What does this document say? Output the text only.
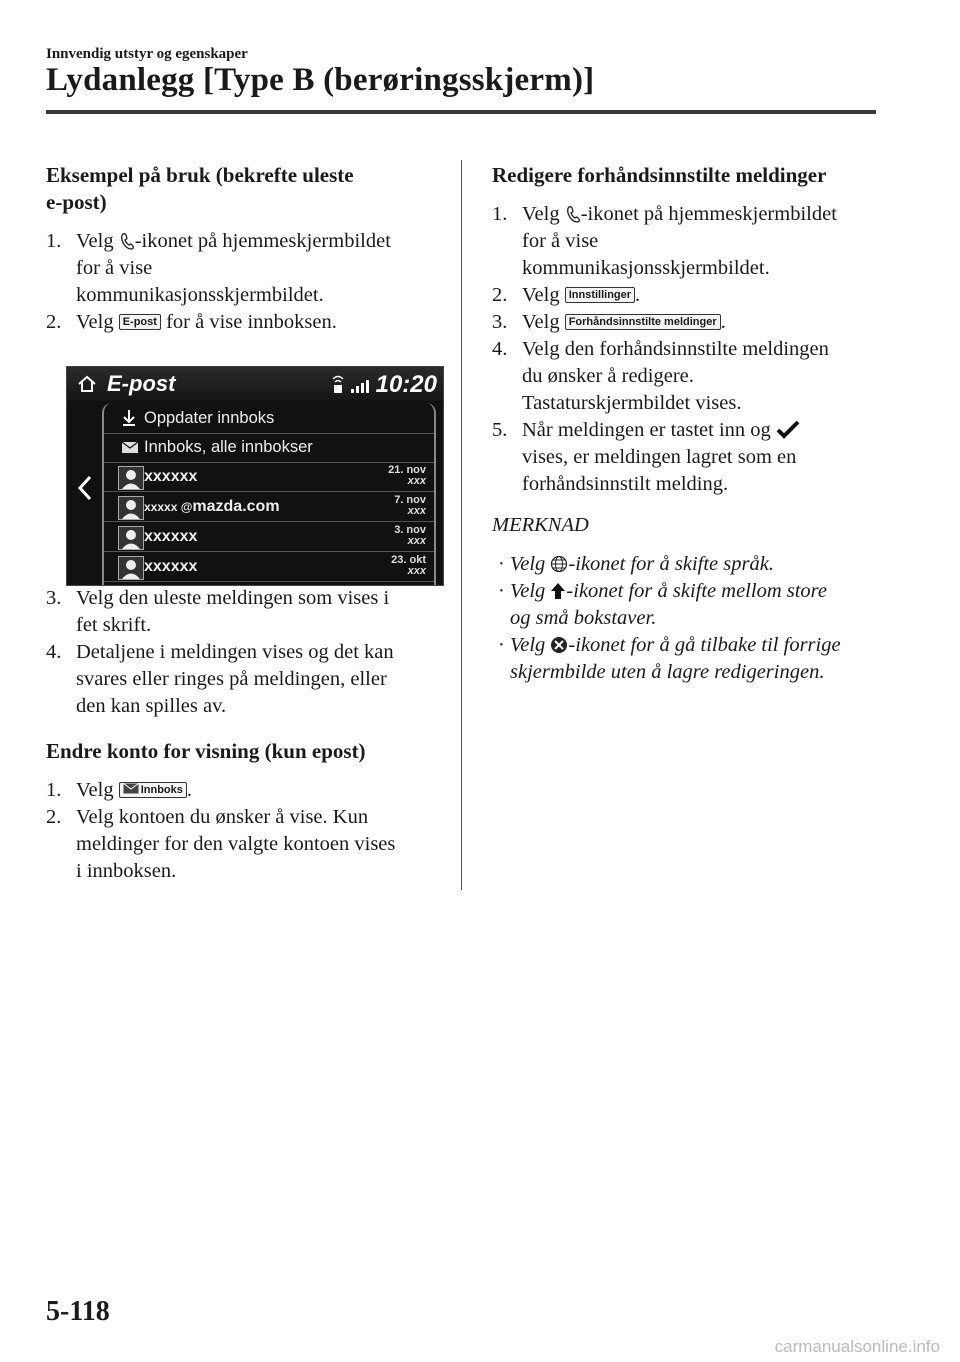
Innvendig utstyr og egenskaper
Lydanlegg [Type B (berøringsskjerm)]
Eksempel på bruk (bekrefte uleste
e-post)
1. Velg -ikonet på hjemmeskjermbildet
for å vise
kommunikasjonsskjermbildet.
2. Velg E-post for å vise innboksen.
3. Velg den uleste meldingen som vises i
fet skrift.
4. Detaljene i meldingen vises og det kan
svares eller ringes på meldingen, eller
den kan spilles av.
Endre konto for visning (kun epost)
1. Velg Innboks .
2. Velg kontoen du ønsker å vise. Kun
meldinger for den valgte kontoen vises
i innboksen.
E-post	10:20
Oppdater innboks
Innboks, alle innbokser
xxxxxx	21. nov
xxx
xxxxx @mazda.com	7. nov
xxx
xxxxxx	3. nov
xxx
xxxxxx	23. okt
xxx
Redigere forhåndsinnstilte meldinger
1. Velg -ikonet på hjemmeskjermbildet
for å vise
kommunikasjonsskjermbildet.
2. Velg Innstillinger .
3. Velg Forhåndsinnstilte meldinger .
4. Velg den forhåndsinnstilte meldingen
du ønsker å redigere.
Tastaturskjermbildet vises.
5. Når meldingen er tastet inn og
vises, er meldingen lagret som en
forhåndsinnstilt melding.
MERKNAD
· Velg -ikonet for å skifte språk.
· Velg -ikonet for å skifte mellom store
og små bokstaver.
· Velg -ikonet for å gå tilbake til forrige
skjermbilde uten å lagre redigeringen.
5-118
carmanualsonline.info
